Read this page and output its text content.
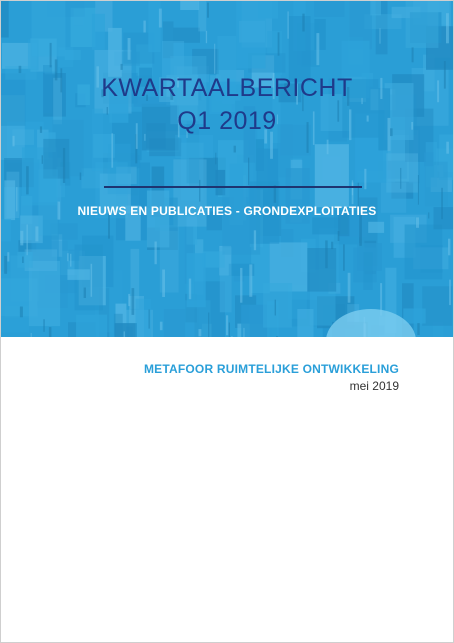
KWARTAALBERICHT
Q1 2019
NIEUWS EN PUBLICATIES - GRONDEXPLOITATIES
METAFOOR RUIMTELIJKE ONTWIKKELING
mei 2019
